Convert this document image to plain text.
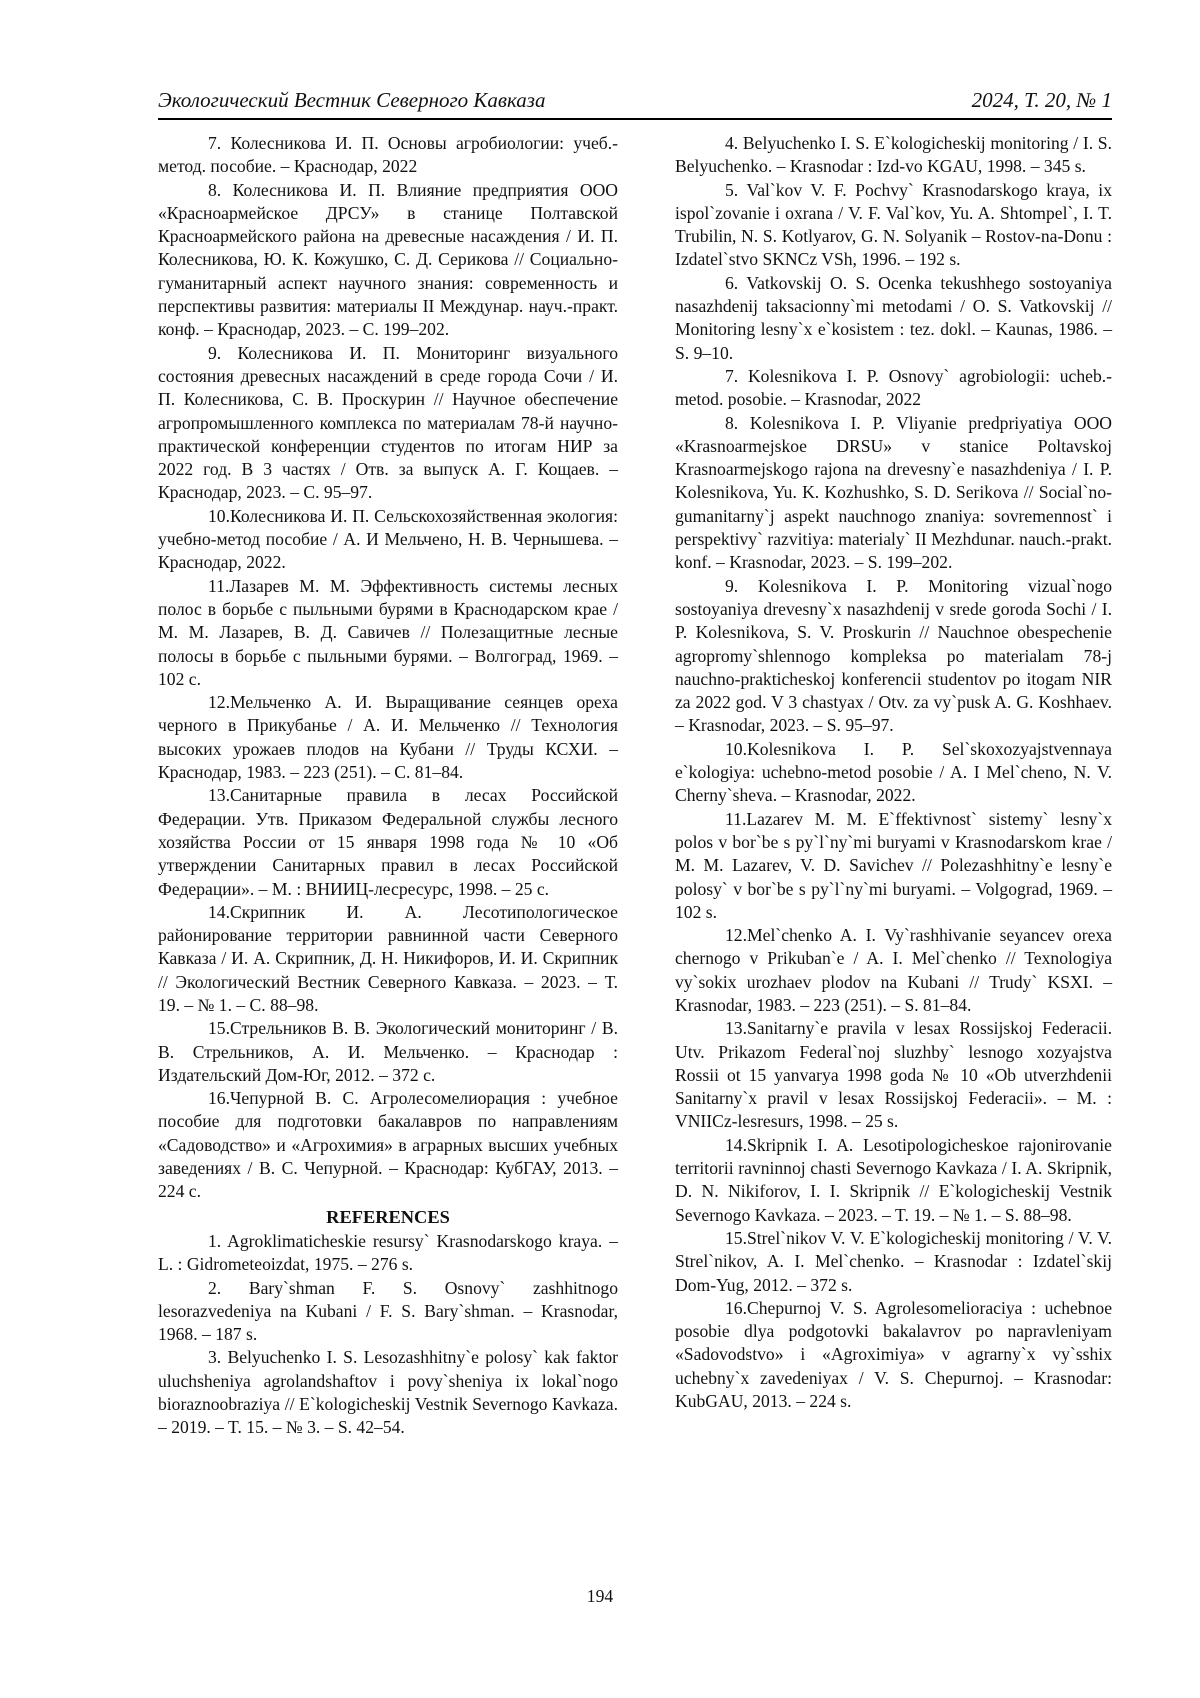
Экологический Вестник Северного Кавказа	2024, Т. 20, № 1

7. Колесникова И. П. Основы агробиологии: учеб.-метод. пособие. – Краснодар, 2022

8. Колесникова И. П. Влияние предприятия ООО «Красноармейское ДРСУ» в станице Полтавской Красноармейского района на древесные насаждения / И. П. Колесникова, Ю. К. Кожушко, С. Д. Серикова // Социально-гуманитарный аспект научного знания: современность и перспективы развития: материалы II Междунар. науч.-практ. конф. – Краснодар, 2023. – С. 199–202.

9. Колесникова И. П. Мониторинг визуального состояния древесных насаждений в среде города Сочи / И. П. Колесникова, С. В. Проскурин // Научное обеспечение агропромышленного комплекса по материалам 78-й научно-практической конференции студентов по итогам НИР за 2022 год. В 3 частях / Отв. за выпуск А. Г. Кощаев. – Краснодар, 2023. – С. 95–97.

10.Колесникова И. П. Сельскохозяйственная экология: учебно-метод пособие / А. И Мельчено, Н. В. Чернышева. – Краснодар, 2022.

11.Лазарев М. М. Эффективность системы лесных полос в борьбе с пыльными бурями в Краснодарском крае / М. М. Лазарев, В. Д. Савичев // Полезащитные лесные полосы в борьбе с пыльными бурями. – Волгоград, 1969. – 102 с.

12.Мельченко А. И. Выращивание сеянцев ореха черного в Прикубанье / А. И. Мельченко // Технология высоких урожаев плодов на Кубани // Труды КСХИ. – Краснодар, 1983. – 223 (251). – С. 81–84.

13.Санитарные правила в лесах Российской Федерации. Утв. Приказом Федеральной службы лесного хозяйства России от 15 января 1998 года № 10 «Об утверждении Санитарных правил в лесах Российской Федерации». – М. : ВНИИЦ-лесресурс, 1998. – 25 с.

14.Скрипник И. А. Лесотипологическое районирование территории равнинной части Северного Кавказа / И. А. Скрипник, Д. Н. Никифоров, И. И. Скрипник // Экологический Вестник Северного Кавказа. – 2023. – Т. 19. – № 1. – С. 88–98.

15.Стрельников В. В. Экологический мониторинг / В. В. Стрельников, А. И. Мельченко. – Краснодар : Издательский Дом-Юг, 2012. – 372 с.

16.Чепурной В. С. Агролесомелиорация : учебное пособие для подготовки бакалавров по направлениям «Садоводство» и «Агрохимия» в аграрных высших учебных заведениях / В. С. Чепурной. – Краснодар: КубГАУ, 2013. – 224 с.

REFERENCES

1. Agroklimaticheskie resursy` Krasnodarskogo kraya. – L. : Gidrometeoizdat, 1975. – 276 s.

2. Bary`shman F. S. Osnovy` zashhitnogo lesorazvedeniya na Kubani / F. S. Bary`shman. – Krasnodar, 1968. – 187 s.

3. Belyuchenko I. S. Lesozashhitny`e polosy` kak faktor uluchsheniya agrolandshaftov i povy`sheniya ix lokal`nogo bioraznoobraziya // E`kologicheskij Vestnik Severnogo Kavkaza. – 2019. – T. 15. – № 3. – S. 42–54.

4. Belyuchenko I. S. E`kologicheskij monitoring / I. S. Belyuchenko. – Krasnodar : Izd-vo KGAU, 1998. – 345 s.

5. Val`kov V. F. Pochvy` Krasnodarskogo kraya, ix ispol`zovanie i oxrana / V. F. Val`kov, Yu. A. Shtompel`, I. T. Trubilin, N. S. Kotlyarov, G. N. Solyanik – Rostov-na-Donu : Izdatel`stvo SKNCz VSh, 1996. – 192 s.

6. Vatkovskij O. S. Ocenka tekushhego sostoyaniya nasazhdenij taksacionny`mi metodami / O. S. Vatkovskij // Monitoring lesny`x e`kosistem : tez. dokl. – Kaunas, 1986. – S. 9–10.

7. Kolesnikova I. P. Osnovy` agrobiologii: ucheb.-metod. posobie. – Krasnodar, 2022

8. Kolesnikova I. P. Vliyanie predpriyatiya OOO «Krasnoarmejskoe DRSU» v stanice Poltavskoj Krasnoarmejskogo rajona na drevesny`e nasazhdeniya / I. P. Kolesnikova, Yu. K. Kozhushko, S. D. Serikova // Social`no-gumanitarny`j aspekt nauchnogo znaniya: sovremennost` i perspektivy` razvitiya: materialy` II Mezhdunar. nauch.-prakt. konf. – Krasnodar, 2023. – S. 199–202.

9. Kolesnikova I. P. Monitoring vizual`nogo sostoyaniya drevesny`x nasazhdenij v srede goroda Sochi / I. P. Kolesnikova, S. V. Proskurin // Nauchnoe obespechenie agropromy`shlennogo kompleksa po materialam 78-j nauchno-prakticheskoj konferencii studentov po itogam NIR za 2022 god. V 3 chastyax / Otv. za vy`pusk A. G. Koshhaev. – Krasnodar, 2023. – S. 95–97.

10.Kolesnikova I. P. Sel`skoxozyajstvennaya e`kologiya: uchebno-metod posobie / A. I Mel`cheno, N. V. Cherny`sheva. – Krasnodar, 2022.

11.Lazarev M. M. E`ffektivnost` sistemy` lesny`x polos v bor`be s py`l`ny`mi buryami v Krasnodarskom krae / M. M. Lazarev, V. D. Savichev // Polezashhitny`e lesny`e polosy` v bor`be s py`l`ny`mi buryami. – Volgograd, 1969. – 102 s.

12.Mel`chenko A. I. Vy`rashhivanie seyancev orexa chernogo v Prikuban`e / A. I. Mel`chenko // Texnologiya vy`sokix urozhaev plodov na Kubani // Trudy` KSXI. – Krasnodar, 1983. – 223 (251). – S. 81–84.

13.Sanitarny`e pravila v lesax Rossijskoj Federacii. Utv. Prikazom Federal`noj sluzhby` lesnogo xozyajstva Rossii ot 15 yanvarya 1998 goda № 10 «Ob utverzhdenii Sanitarny`x pravil v lesax Rossijskoj Federacii». – M. : VNIICz-lesresurs, 1998. – 25 s.

14.Skripnik I. A. Lesotipologicheskoe rajonirovanie territorii ravninnoj chasti Severnogo Kavkaza / I. A. Skripnik, D. N. Nikiforov, I. I. Skripnik // E`kologicheskij Vestnik Severnogo Kavkaza. – 2023. – T. 19. – № 1. – S. 88–98.

15.Strel`nikov V. V. E`kologicheskij monitoring / V. V. Strel`nikov, A. I. Mel`chenko. – Krasnodar : Izdatel`skij Dom-Yug, 2012. – 372 s.

16.Chepurnoj V. S. Agrolesomelioraciya : uchebnoe posobie dlya podgotovki bakalavrov po napravleniyam «Sadovodstvo» i «Agroximiya» v agrarny`x vy`sshix uchebny`x zavedeniyax / V. S. Chepurnoj. – Krasnodar: KubGAU, 2013. – 224 s.

194
